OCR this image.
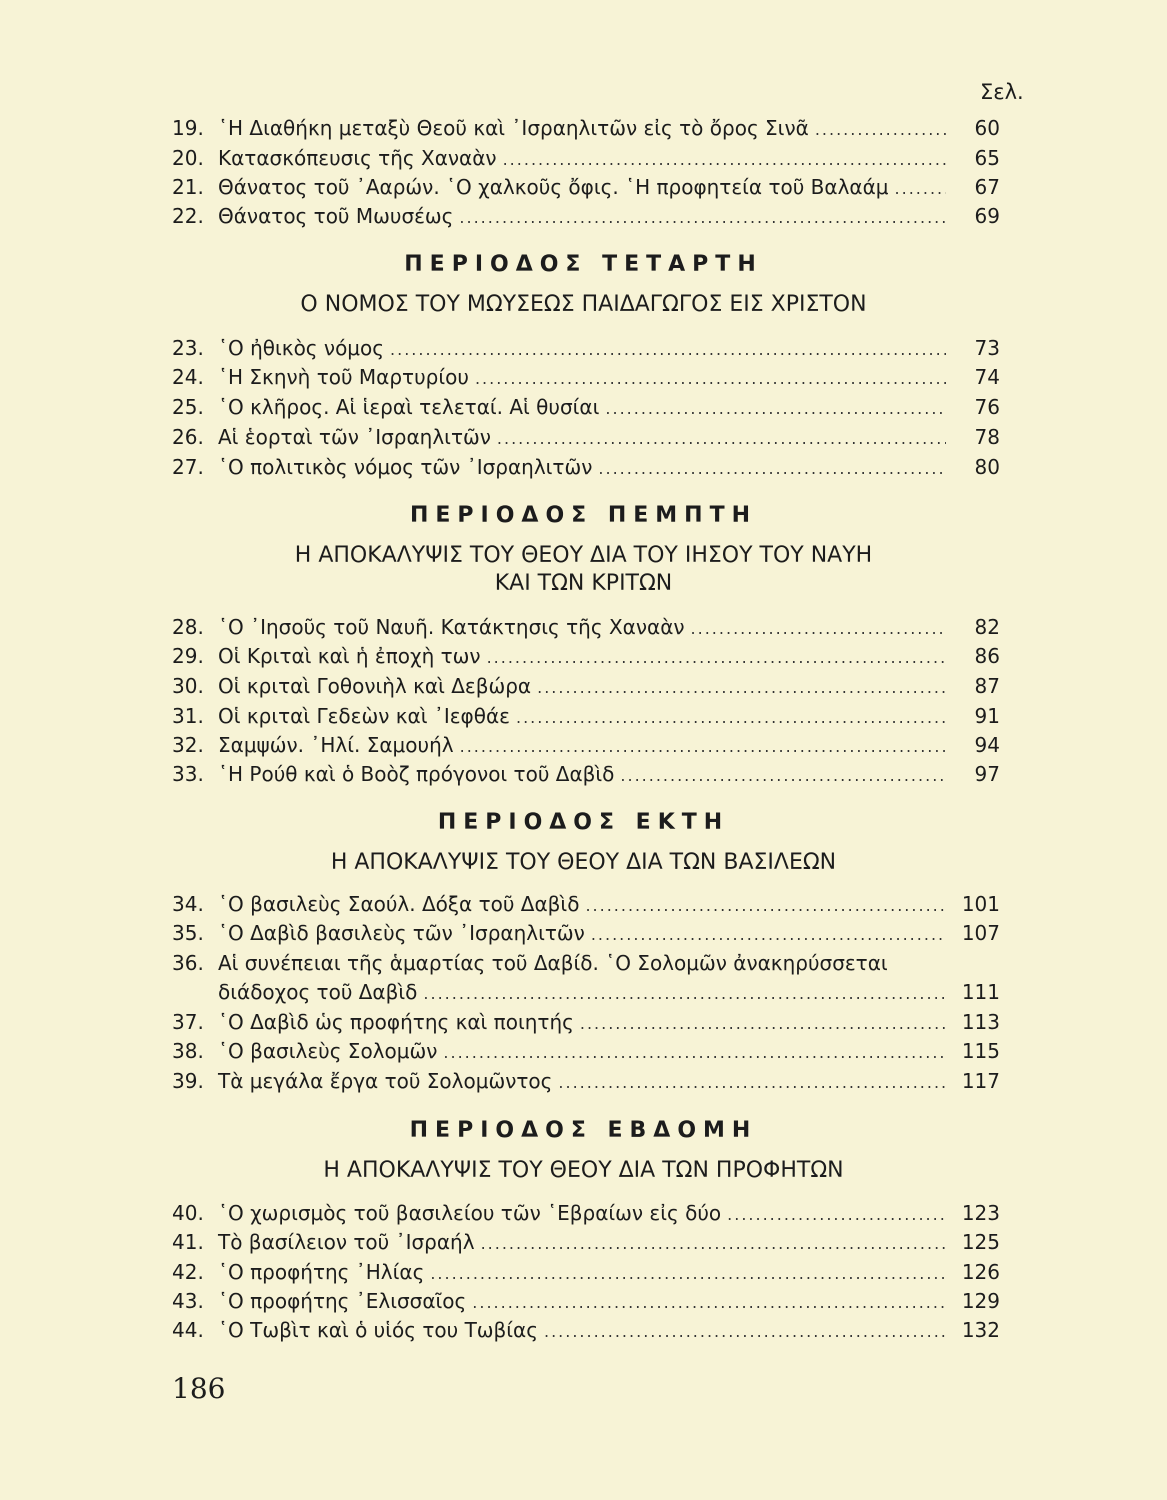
Σελ.
19. ῾Η Διαθήκη μεταξὺ Θεοῦ καὶ ᾿Ισραηλιτῶν εἰς τὸ ὄρος Σινᾶ .....	60
20. Κατασκόπευσις τῆς Χαναὰν .....	65
21. Θάνατος τοῦ ᾿Ααρών. ῾Ο χαλκοῦς ὄφις. ῾Η προφητεία τοῦ Βαλαάμ .....	67
22. Θάνατος τοῦ Μωυσέως .....	69
ΠΕΡΙΟΔΟΣ ΤΕΤΑΡΤΗ
Ο ΝΟΜΟΣ ΤΟΥ ΜΩΥΣΕΩΣ ΠΑΙΔΑΓΩΓΟΣ ΕΙΣ ΧΡΙΣΤΟΝ
23. ῾Ο ἠθικὸς νόμος .....	73
24. ῾Η Σκηνὴ τοῦ Μαρτυρίου .....	74
25. ῾Ο κλῆρος. Αἱ ἱεραὶ τελεταί. Αἱ θυσίαι .....	76
26. Αἱ ἑορταὶ τῶν ᾿Ισραηλιτῶν .....	78
27. ῾Ο πολιτικὸς νόμος τῶν ᾿Ισραηλιτῶν .....	80
ΠΕΡΙΟΔΟΣ ΠΕΜΠΤΗ
Η ΑΠΟΚΑΛΥΨΙΣ ΤΟΥ ΘΕΟΥ ΔΙΑ ΤΟΥ ΙΗΣΟΥ ΤΟΥ ΝΑΥΗ
ΚΑΙ ΤΩΝ ΚΡΙΤΩΝ
28. ῾Ο ᾿Ιησοῦς τοῦ Ναυῆ. Κατάκτησις τῆς Χαναὰν .....	82
29. Οἱ Κριταὶ καὶ ἡ ἐποχὴ των .....	86
30. Οἱ κριταὶ Γοθονιὴλ καὶ Δεβώρα .....	87
31. Οἱ κριταὶ Γεδεὼν καὶ ᾿Ιεφθάε .....	91
32. Σαμψών. ᾿Ηλί. Σαμουήλ .....	94
33. ῾Η Ρούθ καὶ ὁ Βοὸζ πρόγονοι τοῦ Δαβὶδ .....	97
ΠΕΡΙΟΔΟΣ ΕΚΤΗ
Η ΑΠΟΚΑΛΥΨΙΣ ΤΟΥ ΘΕΟΥ ΔΙΑ ΤΩΝ ΒΑΣΙΛΕΩΝ
34. ῾Ο βασιλεὺς Σαούλ. Δόξα τοῦ Δαβὶδ .....	101
35. ῾Ο Δαβὶδ βασιλεὺς τῶν ᾿Ισραηλιτῶν .....	107
36. Αἱ συνέπειαι τῆς ἁμαρτίας τοῦ Δαβίδ. ῾Ο Σολομῶν ἀνακηρύσσεται
διάδοχος τοῦ Δαβὶδ .....	111
37. ῾Ο Δαβὶδ ὡς προφήτης καὶ ποιητής .....	113
38. ῾Ο βασιλεὺς Σολομῶν .....	115
39. Τὰ μεγάλα ἔργα τοῦ Σολομῶντος .....	117
ΠΕΡΙΟΔΟΣ ΕΒΔΟΜΗ
Η ΑΠΟΚΑΛΥΨΙΣ ΤΟΥ ΘΕΟΥ ΔΙΑ ΤΩΝ ΠΡΟΦΗΤΩΝ
40. ῾Ο χωρισμὸς τοῦ βασιλείου τῶν ῾Εβραίων εἰς δύο .....	123
41. Τὸ βασίλειον τοῦ ᾿Ισραήλ .....	125
42. ῾Ο προφήτης ᾿Ηλίας .....	126
43. ῾Ο προφήτης ᾿Ελισσαῖος .....	129
44. ῾Ο Τωβὶτ καὶ ὁ υἱός του Τωβίας .....	132
186
